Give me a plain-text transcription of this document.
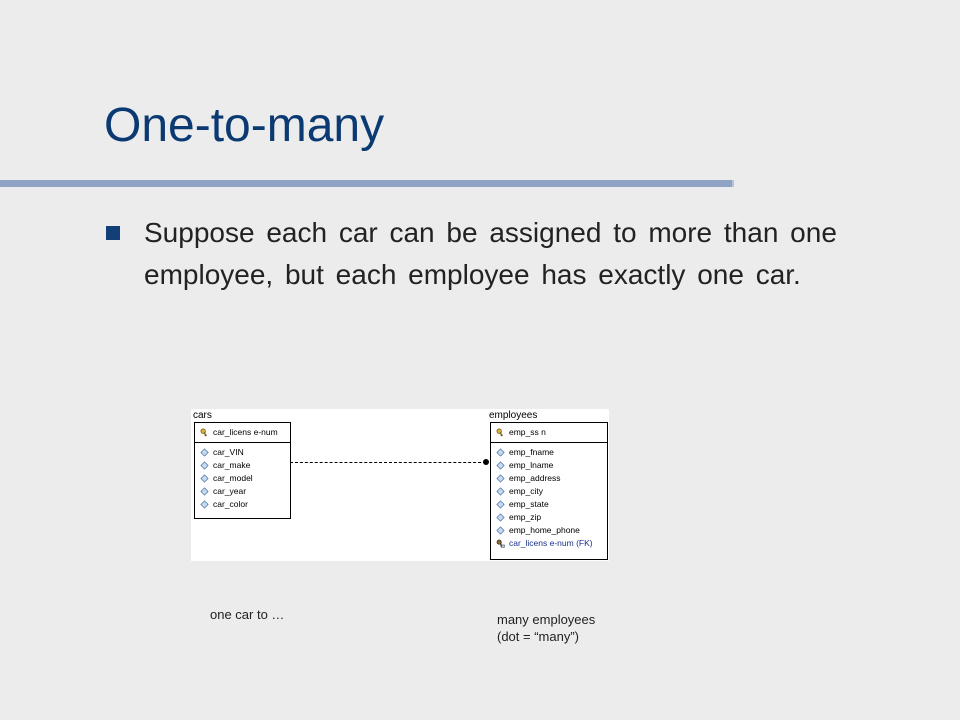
One-to-many
Suppose each car can be assigned to more than one employee, but each employee has exactly one car.
cars
car_licens e-num
car_VIN
car_make
car_model
car_year
car_color
employees
emp_ss n
emp_fname
emp_lname
emp_address
emp_city
emp_state
emp_zip
emp_home_phone
car_licens e-num (FK)
one car to …	many employees
(dot = “many”)
